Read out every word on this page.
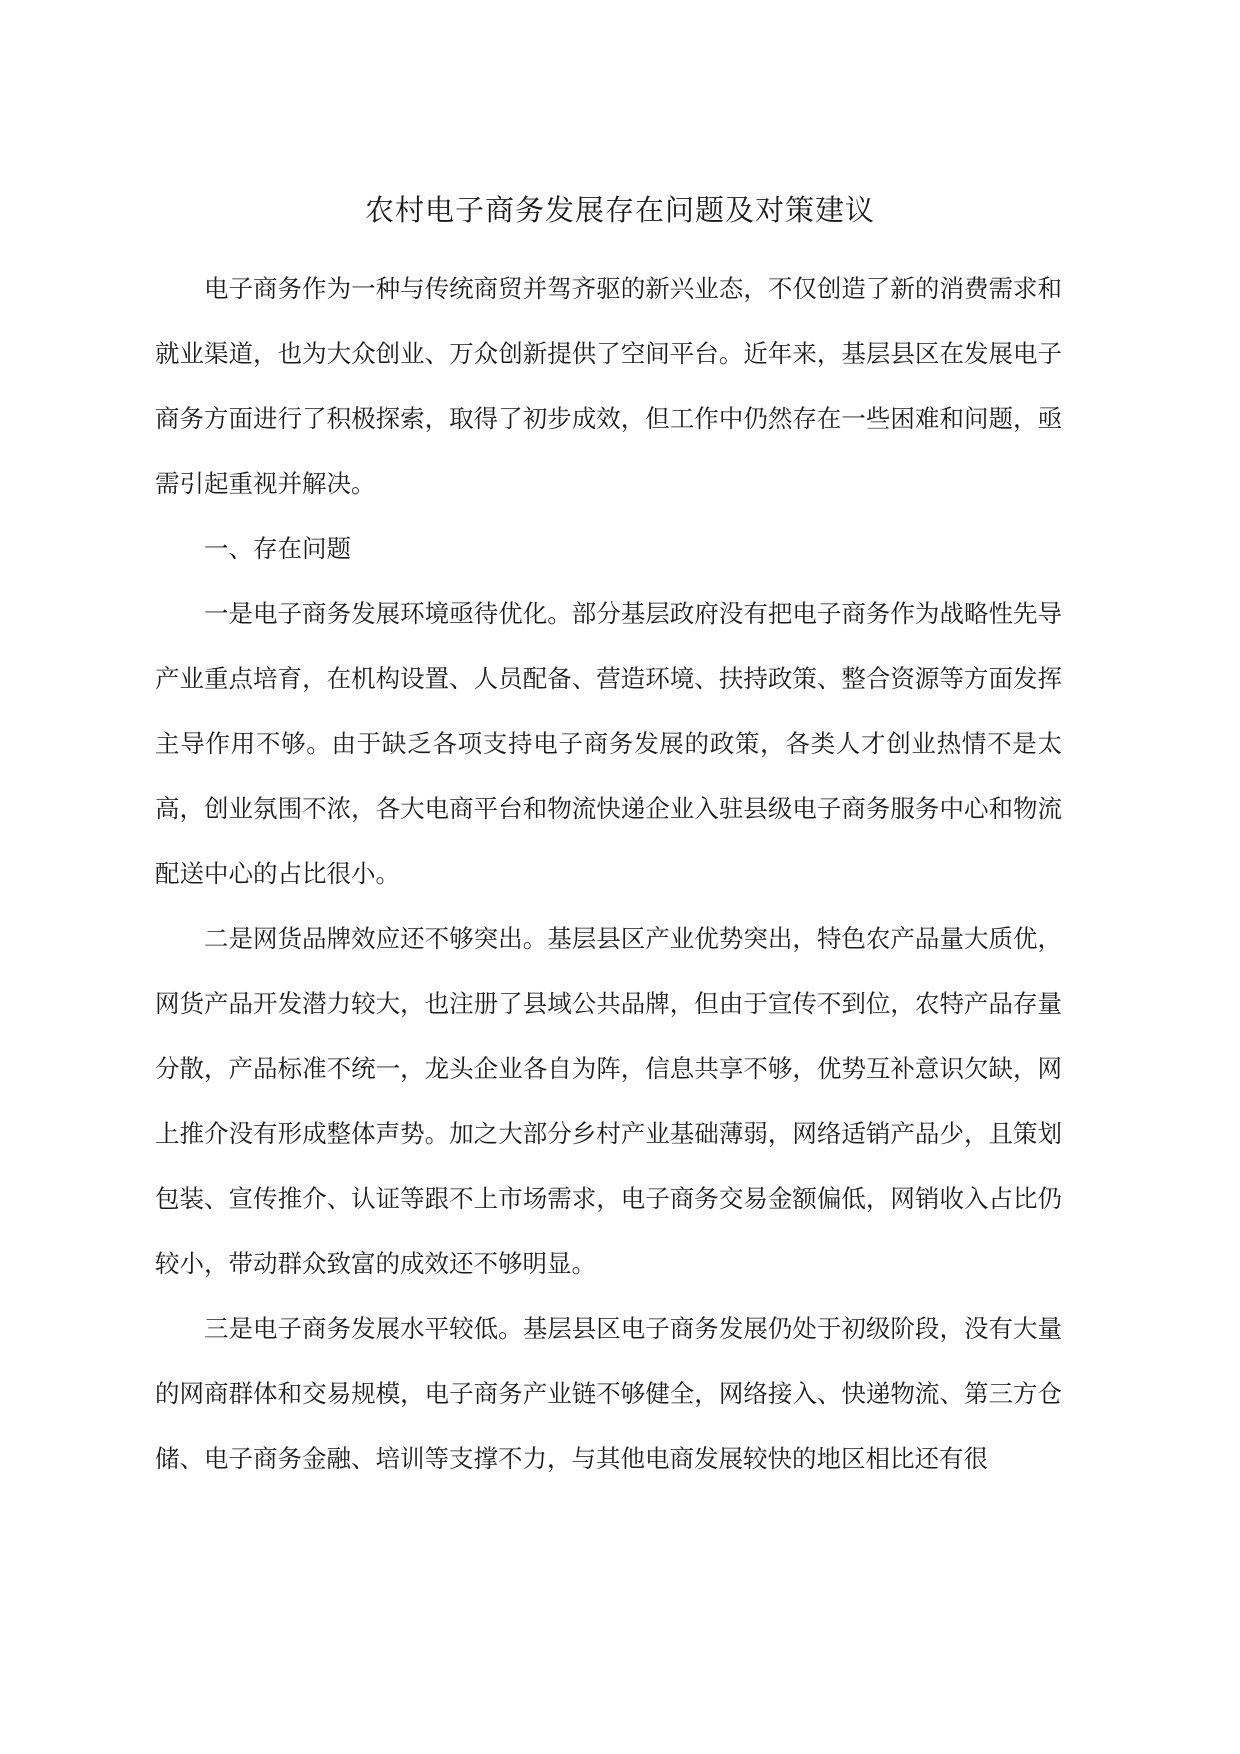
农村电子商务发展存在问题及对策建议

电子商务作为一种与传统商贸并驾齐驱的新兴业态，不仅创造了新的消费需求和就业渠道，也为大众创业、万众创新提供了空间平台。近年来，基层县区在发展电子商务方面进行了积极探索，取得了初步成效，但工作中仍然存在一些困难和问题，亟需引起重视并解决。

一、存在问题

一是电子商务发展环境亟待优化。部分基层政府没有把电子商务作为战略性先导产业重点培育，在机构设置、人员配备、营造环境、扶持政策、整合资源等方面发挥主导作用不够。由于缺乏各项支持电子商务发展的政策，各类人才创业热情不是太高，创业氛围不浓，各大电商平台和物流快递企业入驻县级电子商务服务中心和物流配送中心的占比很小。

二是网货品牌效应还不够突出。基层县区产业优势突出，特色农产品量大质优，网货产品开发潜力较大，也注册了县域公共品牌，但由于宣传不到位，农特产品存量分散，产品标准不统一，龙头企业各自为阵，信息共享不够，优势互补意识欠缺，网上推介没有形成整体声势。加之大部分乡村产业基础薄弱，网络适销产品少，且策划包装、宣传推介、认证等跟不上市场需求，电子商务交易金额偏低，网销收入占比仍较小，带动群众致富的成效还不够明显。

三是电子商务发展水平较低。基层县区电子商务发展仍处于初级阶段，没有大量的网商群体和交易规模，电子商务产业链不够健全，网络接入、快递物流、第三方仓储、电子商务金融、培训等支撑不力，与其他电商发展较快的地区相比还有很
